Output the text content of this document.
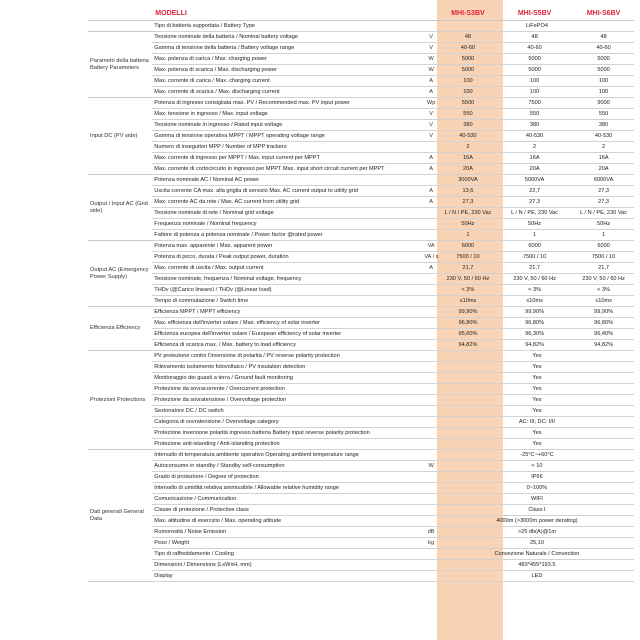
	MODELLI		MHI-S3BV	MHI-S5BV	MHI-S6BV
	Tipo di batteria supportata / Battery Type		LiFePO4		
Parametri della batteria Battery Parameters	Tensione nominale della batteria / Nominal battery voltage	V	48	48	48
	Gamma di tensione della batteria / Battery voltage range	V	40-60	40-60	40-60
	Max. potenza di carica / Max. charging power	W	5000	5000	5000
	Max. potenza di scarica / Max. discharging power	W	5000	5000	5000
	Max. corrente di carica / Max. charging current	A	100	100	100
	Max. corrente di scarica / Max. discharging current	A	100	100	100
Input DC (PV side)	Potenza di ingresso consigliata max. PV / Recommended max. PV input power	Wp	5500	7500	9000
	Max. tensione in ingresso / Max. input voltage	V	550	550	550
	Tensione nominale in ingresso / Rated input voltage	V	380	380	380
	Gamma di tensione operativa MPPT / MPPT operating voltage range	V	40-530	40-530	40-530
	Numero di inseguitori MPP / Number of MPP trackers		2	2	2
	Max. corrente di ingresso per MPPT / Max. input current per MPPT	A	16A	16A	16A
	Max. corrente di cortocircuito in ingresso per MPPT Max. input short circuit current per MPPT	A	20A	20A	20A
Output / Input AC (Grid side)	Potenza nominale AC / Nominal AC power		3000VA	5000VA	6000VA
	Uscita corrente CA max. alla griglia di servizio Max. AC current output to utility grid	A	13,6	22,7	27,3
	Max. corrente AC da rete / Max. AC current from utility grid	A	27,3	27,3	27,3
	Tensione nominale di rete / Nominal grid voltage		L / N / PE, 230 Vac	L / N / PE, 230 Vac	L / N / PE, 230 Vac
	Frequenza nominale / Nominal frequency		50Hz	50Hz	50Hz
	Fattore di potenza a potenza nominale / Power factor @rated power		1	1	1
Output AC (Emergency Power Supply)	Potenza max. apparente / Max. apparent power	VA	6000	6000	6000
	Potenza di picco, durata / Peak output power, duration	VA / s	7500 / 10	7500 / 10	7500 / 10
	Max. corrente di uscita / Max. output current	A	21,7	21,7	21,7
	Tensione nominale, frequenza / Nominal voltage, frequency		230 V, 50 / 60 Hz	230 V, 50 / 60 Hz	230 V, 50 / 60 Hz
	THDv (@Carico lineare) / THDv (@Linear load)		< 3%	< 3%	< 3%
	Tempo di commutazione / Switch time		≤10ms	≤10ms	≤10ms
Efficienza Efficiency	Efficienza MPPT / MPPT efficiency		99,90%	99,90%	99,90%
	Max. efficienza dell'inverter solare / Max. efficiency of solar inverter		96,80%	96,80%	96,80%
	Efficienza europea dell'inverter solare / European efficiency of solar inverter		95,60%	96,30%	96,40%
	Efficienza di scarica max. / Max. battery to load efficiency		94,82%	94,82%	94,82%
Protezioni Protections	PV protezione contro l'inversione di polarità / PV reverse polarity protection		Yes		
	Rilevamento isolamento fotovoltaico / PV insulation detection		Yes		
	Monitoraggio dei guasti a terra / Ground fault monitoring		Yes		
	Protezione da sovracorrente / Overcurrent protection		Yes		
	Protezione da sovratensione / Overvoltage protection		Yes		
	Sezionatore DC / DC switch		Yes		
	Categoria di sovratensione / Overvoltage category		AC: III; DC: I/II		
	Protezione inversione polarità ingresso batteria Battery input reverse polarity protection		Yes		
	Protezione anti-islanding / Anti-islanding protection		Yes		
Dati generali General Data	Intervallo di temperatura ambiente operativo Operating ambient temperature range		-25°C~+60°C		
	Autoconsumo in standby / Standby self-consumption	W	< 10		
	Grado di protezione / Degree of protection		IP66		
	Intervallo di umidità relativa ammissibile / Allowable relative humidity range		0~100%		
	Comunicazione / Communication		WIFI		
	Classe di protezione / Protective class		Class I		
	Max. altitudine di esercizio / Max. operating altitude		4000m (>3000m power derating)		
	Rumorosità / Noise Emission	dB	>25 db(A)@1m		
	Peso / Weight	kg	25,10		
	Tipo di raffreddamento / Cooling		Convezione Naturale / Convection		
	Dimensioni / Dimensions (LxWxH, mm)		483*455*193.5		
	Display		LED		
